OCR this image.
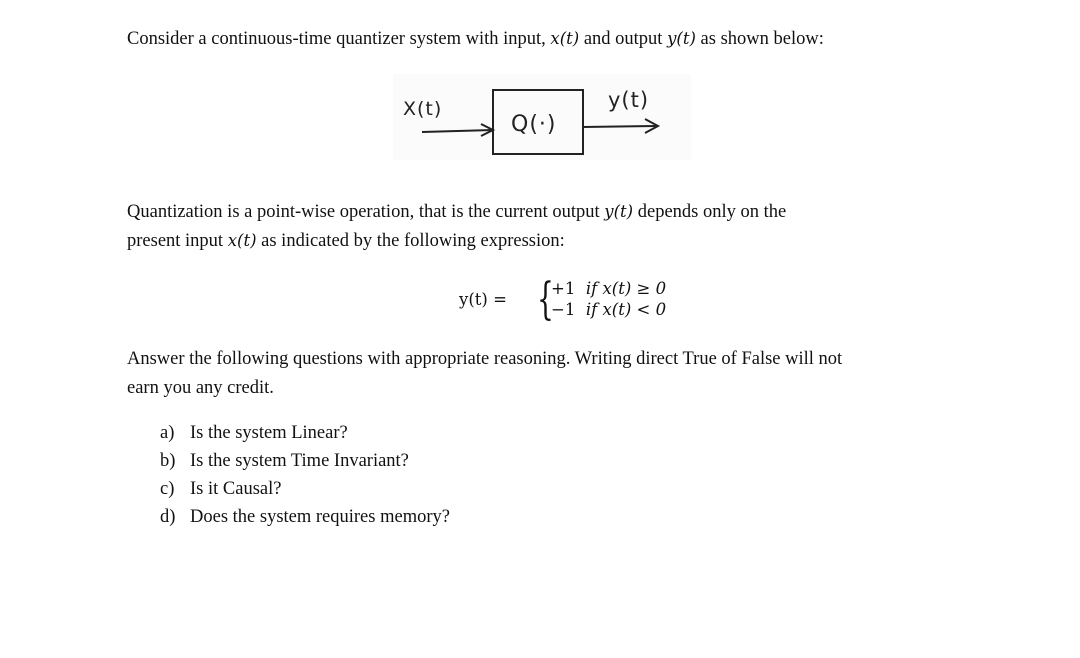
Consider a continuous-time quantizer system with input, x(t) and output y(t) as shown below:
X(t)
Q(·)
y(t)
Quantization is a point-wise operation, that is the current output y(t) depends only on the
present input x(t) as indicated by the following expression:
y(t) = {
+1 if x(t) ≥ 0
−1 if x(t) < 0
Answer the following questions with appropriate reasoning. Writing direct True of False will not
earn you any credit.
a) Is the system Linear?
b) Is the system Time Invariant?
c) Is it Causal?
d) Does the system requires memory?
